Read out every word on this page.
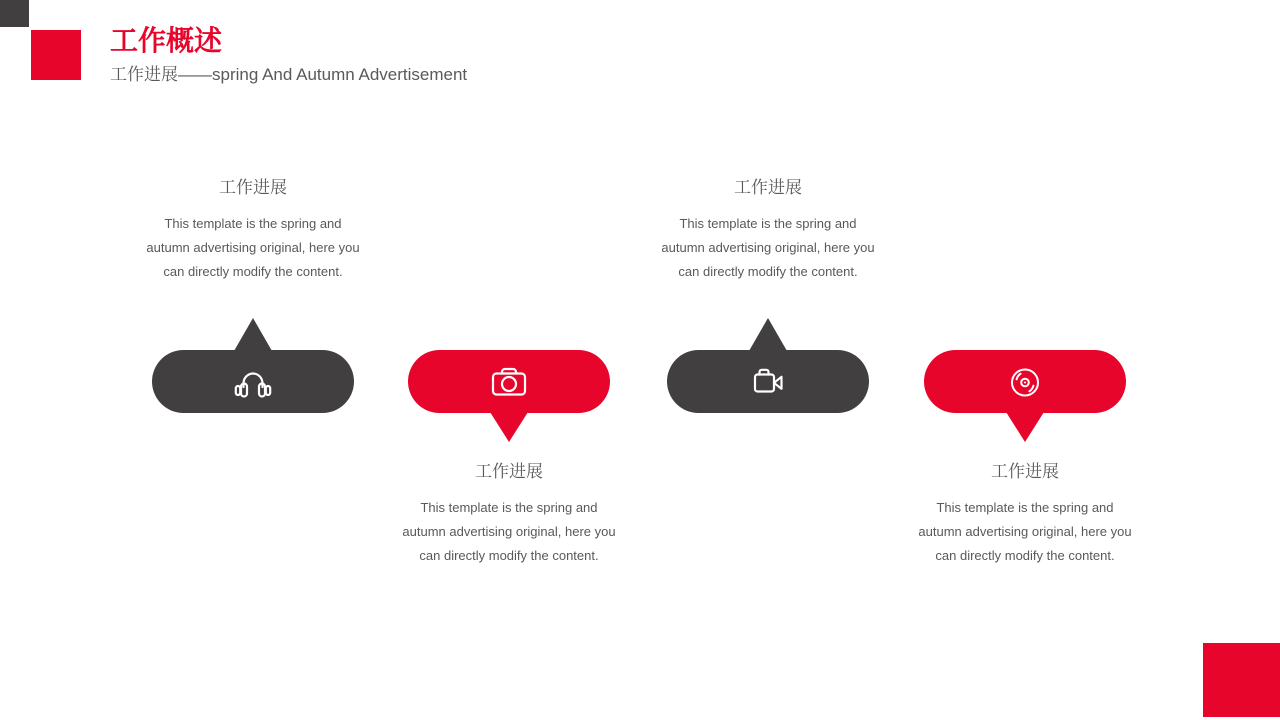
工作概述
工作进展——spring And Autumn Advertisement
工作进展
This template is the spring and
autumn advertising original, here you
can directly modify the content.
工作进展
This template is the spring and
autumn advertising original, here you
can directly modify the content.
工作进展
This template is the spring and
autumn advertising original, here you
can directly modify the content.
工作进展
This template is the spring and
autumn advertising original, here you
can directly modify the content.
